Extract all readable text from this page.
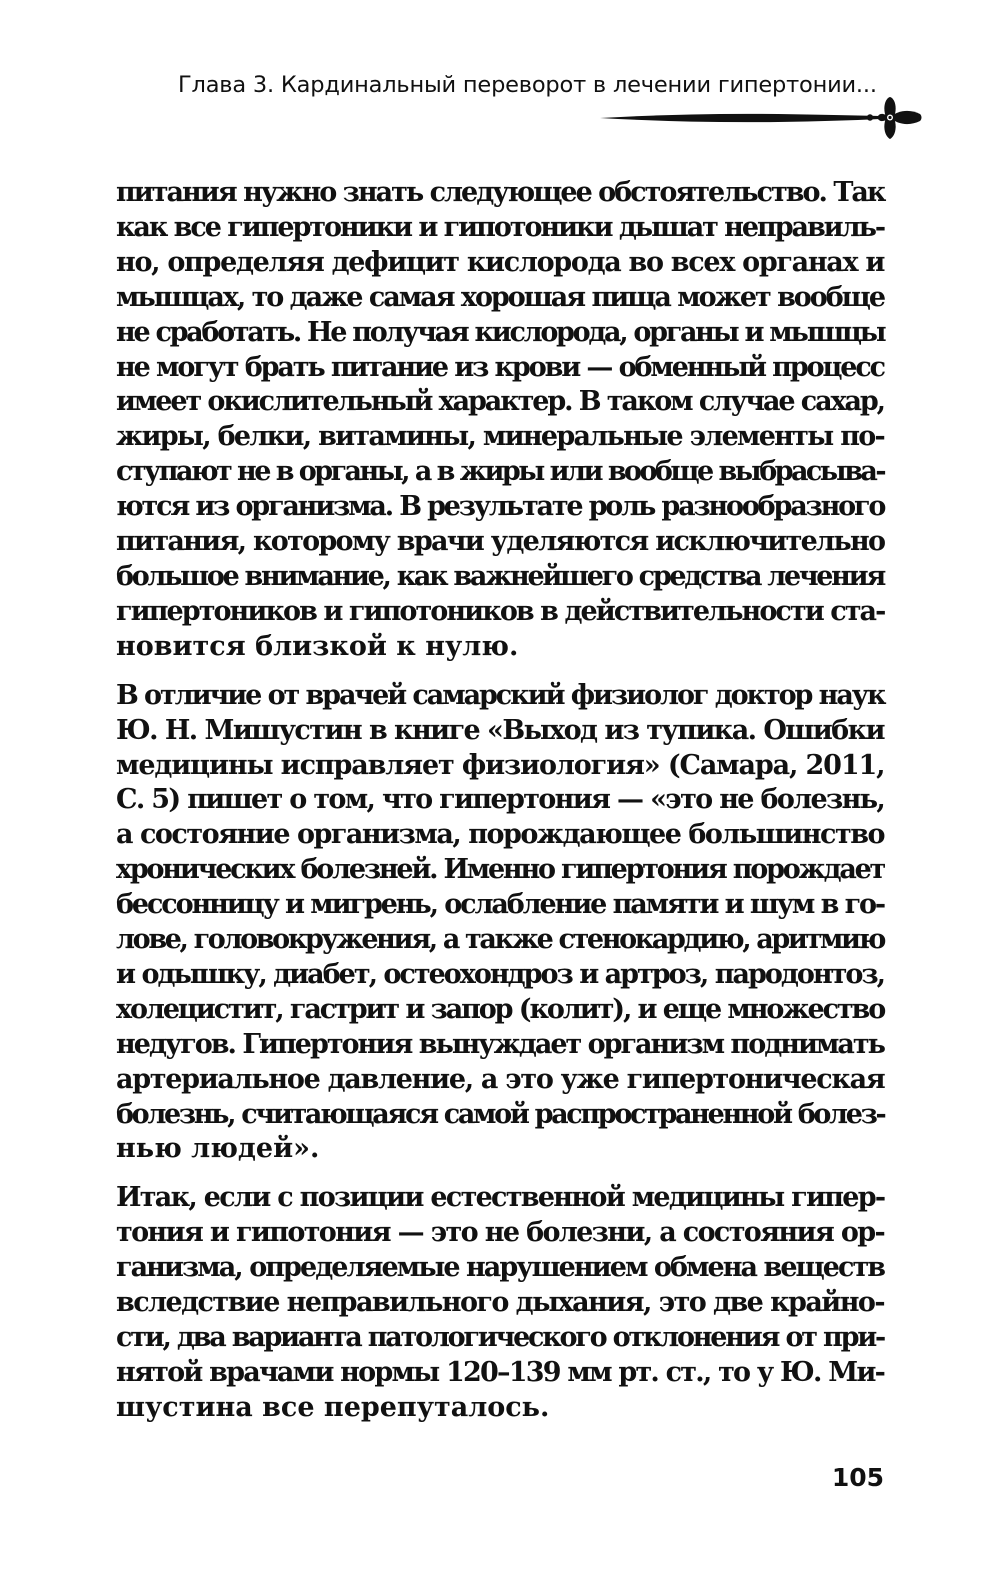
Глава 3. Кардинальный переворот в лечении гипертонии...

питания нужно знать следующее обстоятельство. Так
как все гипертоники и гипотоники дышат неправиль-
но, определяя дефицит кислорода во всех органах и
мышцах, то даже самая хорошая пища может вообще
не сработать. Не получая кислорода, органы и мышцы
не могут брать питание из крови — обменный процесс
имеет окислительный характер. В таком случае сахар,
жиры, белки, витамины, минеральные элементы по-
ступают не в органы, а в жиры или вообще выбрасыва-
ются из организма. В результате роль разнообразного
питания, которому врачи уделяются исключительно
большое внимание, как важнейшего средства лечения
гипертоников и гипотоников в действительности ста-
новится близкой к нулю.

В отличие от врачей самарский физиолог доктор наук
Ю. Н. Мишустин в книге «Выход из тупика. Ошибки
медицины исправляет физиология» (Самара, 2011,
С. 5) пишет о том, что гипертония — «это не болезнь,
а состояние организма, порождающее большинство
хронических болезней. Именно гипертония порождает
бессонницу и мигрень, ослабление памяти и шум в го-
лове, головокружения, а также стенокардию, аритмию
и одышку, диабет, остеохондроз и артроз, пародонтоз,
холецистит, гастрит и запор (колит), и еще множество
недугов. Гипертония вынуждает организм поднимать
артериальное давление, а это уже гипертоническая
болезнь, считающаяся самой распространенной болез-
нью людей».

Итак, если с позиции естественной медицины гипер-
тония и гипотония — это не болезни, а состояния ор-
ганизма, определяемые нарушением обмена веществ
вследствие неправильного дыхания, это две крайно-
сти, два варианта патологического отклонения от при-
нятой врачами нормы 120–139 мм рт. ст., то у Ю. Ми-
шустина все перепуталось.

105
